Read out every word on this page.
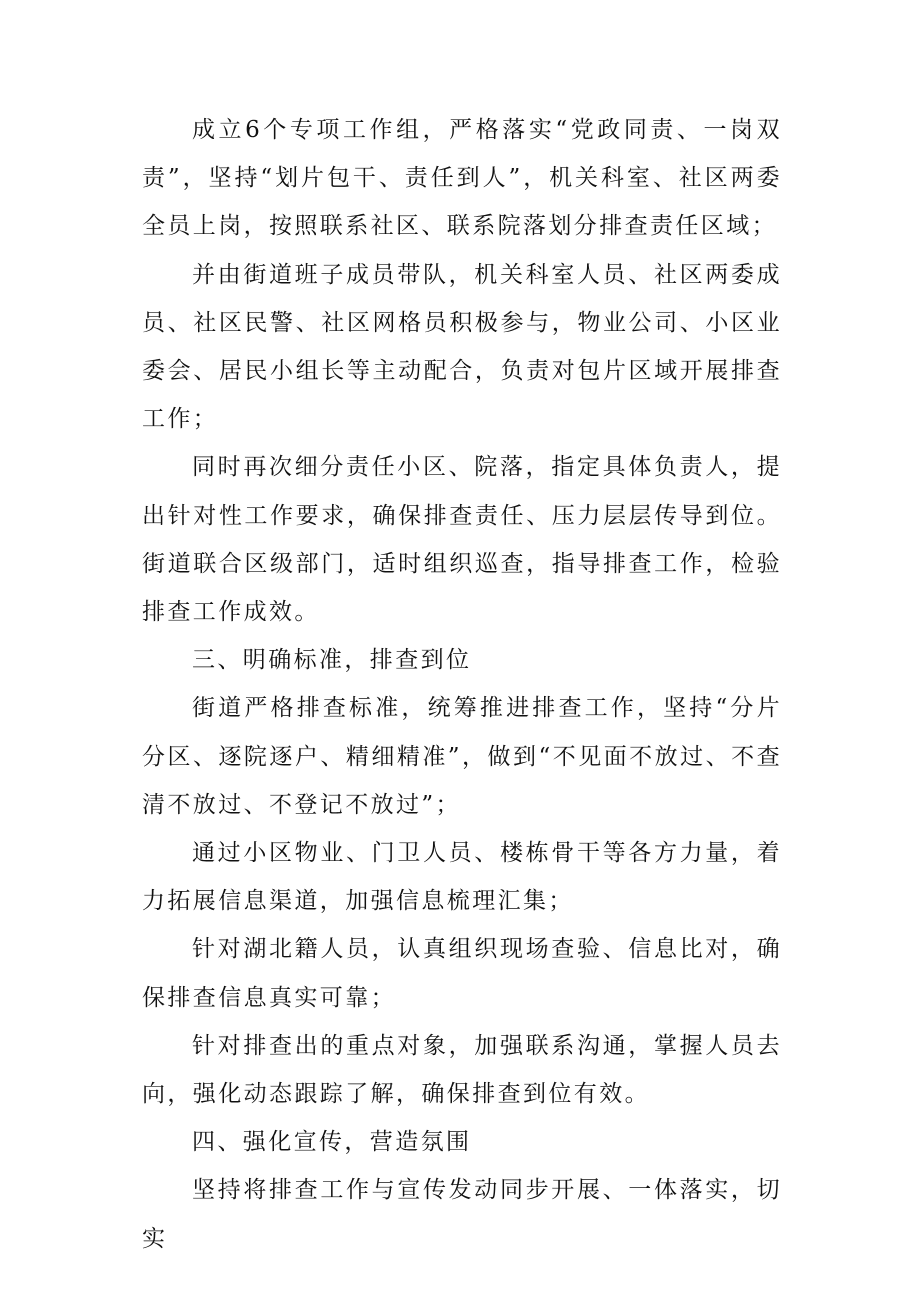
成立6个专项工作组，严格落实“党政同责、一岗双责”，坚持“划片包干、责任到人”，机关科室、社区两委全员上岗，按照联系社区、联系院落划分排查责任区域；

并由街道班子成员带队，机关科室人员、社区两委成员、社区民警、社区网格员积极参与，物业公司、小区业委会、居民小组长等主动配合，负责对包片区域开展排查工作；

同时再次细分责任小区、院落，指定具体负责人，提出针对性工作要求，确保排查责任、压力层层传导到位。街道联合区级部门，适时组织巡查，指导排查工作，检验排查工作成效。

三、明确标准，排查到位

街道严格排查标准，统筹推进排查工作，坚持“分片分区、逐院逐户、精细精准”，做到“不见面不放过、不查清不放过、不登记不放过”；

通过小区物业、门卫人员、楼栋骨干等各方力量，着力拓展信息渠道，加强信息梳理汇集；

针对湖北籍人员，认真组织现场查验、信息比对，确保排查信息真实可靠；

针对排查出的重点对象，加强联系沟通，掌握人员去向，强化动态跟踪了解，确保排查到位有效。

四、强化宣传，营造氛围

坚持将排查工作与宣传发动同步开展、一体落实，切实
